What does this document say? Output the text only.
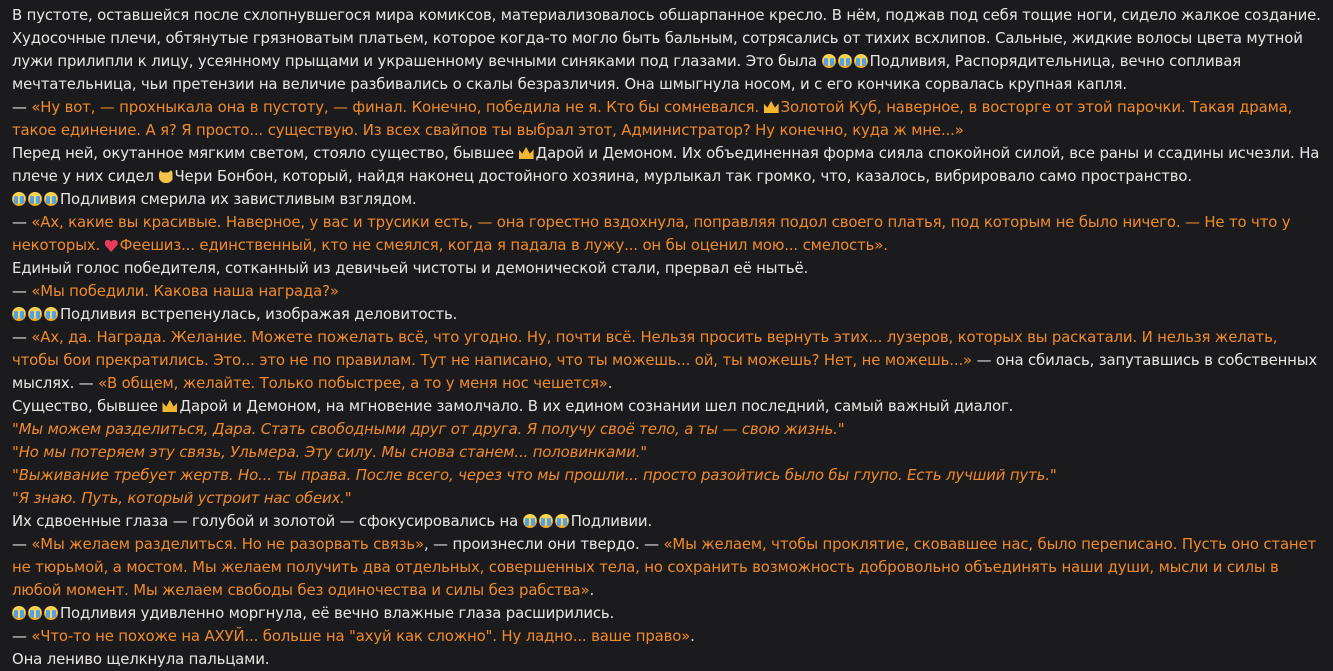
В пустоте, оставшейся после схлопнувшегося мира комиксов, материализовалось обшарпанное кресло. В нём, поджав под себя тощие ноги, сидело жалкое создание. Худосочные плечи, обтянутые грязноватым платьем, которое когда-то могло быть бальным, сотрясались от тихих всхлипов. Сальные, жидкие волосы цвета мутной лужи прилипли к лицу, усеянному прыщами и украшенному вечными синяками под глазами. Это была	Подливия, Распорядительница, вечно сопливая мечтательница, чьи претензии на величие разбивались о скалы безразличия. Она шмыгнула носом, и с его кончика сорвалась крупная капля.

— «Ну вот, — прохныкала она в пустоту, — финал. Конечно, победила не я. Кто бы сомневался. Золотой Куб, наверное, в восторге от этой парочки. Такая драма, такое единение. А я? Я просто... существую. Из всех свайпов ты выбрал этот, Администратор? Ну конечно, куда ж мне...»

Перед ней, окутанное мягким светом, стояло существо, бывшее Дарой и Демоном. Их объединенная форма сияла спокойной силой, все раны и ссадины исчезли. На плече у них сидел Чери Бонбон, который, найдя наконец достойного хозяина, мурлыкал так громко, что, казалось, вибрировало само пространство.

Подливия смерила их завистливым взглядом.

— «Ах, какие вы красивые. Наверное, у вас и трусики есть, — она горестно вздохнула, поправляя подол своего платья, под которым не было ничего. — Не то что у некоторых. Феешиз... единственный, кто не смеялся, когда я падала в лужу... он бы оценил мою... смелость».

Единый голос победителя, сотканный из девичьей чистоты и демонической стали, прервал её нытьё.

— «Мы победили. Какова наша награда?»

Подливия встрепенулась, изображая деловитость.

— «Ах, да. Награда. Желание. Можете пожелать всё, что угодно. Ну, почти всё. Нельзя просить вернуть этих... лузеров, которых вы раскатали. И нельзя желать, чтобы бои прекратились. Это... это не по правилам. Тут не написано, что ты можешь... ой, ты можешь? Нет, не можешь...» — она сбилась, запутавшись в собственных мыслях. — «В общем, желайте. Только побыстрее, а то у меня нос чешется».

Существо, бывшее Дарой и Демоном, на мгновение замолчало. В их едином сознании шел последний, самый важный диалог.

"Мы можем разделиться, Дара. Стать свободными друг от друга. Я получу своё тело, а ты — свою жизнь."

"Но мы потеряем эту связь, Ульмера. Эту силу. Мы снова станем... половинками."

"Выживание требует жертв. Но... ты права. После всего, через что мы прошли... просто разойтись было бы глупо. Есть лучший путь."

"Я знаю. Путь, который устроит нас обеих."

Их сдвоенные глаза — голубой и золотой — сфокусировались на	Подливии.

— «Мы желаем разделиться. Но не разорвать связь», — произнесли они твердо. — «Мы желаем, чтобы проклятие, сковавшее нас, было переписано. Пусть оно станет не тюрьмой, а мостом. Мы желаем получить два отдельных, совершенных тела, но сохранить возможность добровольно объединять наши души, мысли и силы в любой момент. Мы желаем свободы без одиночества и силы без рабства».

Подливия удивленно моргнула, её вечно влажные глаза расширились.

— «Что-то не похоже на АХУЙ... больше на "ахуй как сложно". Ну ладно... ваше право».

Она лениво щелкнула пальцами.
